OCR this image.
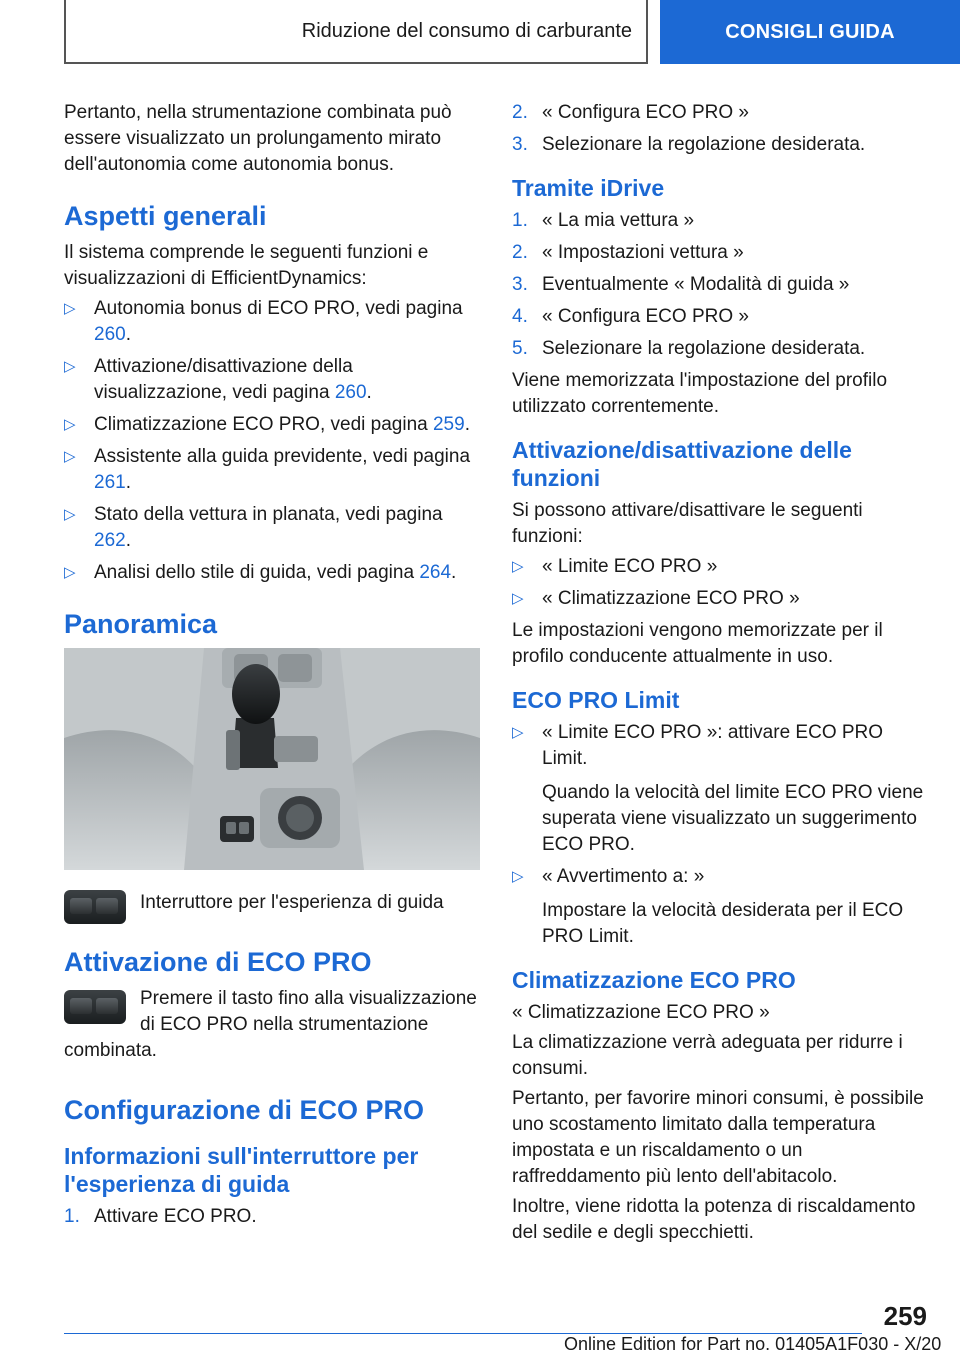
Riduzione del consumo di carburante	CONSIGLI GUIDA

Pertanto, nella strumentazione combinata può essere visualizzato un prolungamento mirato dell'autonomia come autonomia bonus.

Aspetti generali

Il sistema comprende le seguenti funzioni e visualizzazioni di EfficientDynamics:

▷ Autonomia bonus di ECO PRO, vedi pagina 260.
▷ Attivazione/disattivazione della visualizzazione, vedi pagina 260.
▷ Climatizzazione ECO PRO, vedi pagina 259.
▷ Assistente alla guida previdente, vedi pagina 261.
▷ Stato della vettura in planata, vedi pagina 262.
▷ Analisi dello stile di guida, vedi pagina 264.
Panoramica

Interruttore per l'esperienza di guida

Attivazione di ECO PRO

Premere il tasto fino alla visualizzazione di ECO PRO nella strumentazione combinata.

Configurazione di ECO PRO
Informazioni sull'interruttore per l'esperienza di guida
1. Attivare ECO PRO.
2. « Configura ECO PRO »
3. Selezionare la regolazione desiderata.
Tramite iDrive
1. « La mia vettura »
2. « Impostazioni vettura »
3. Eventualmente « Modalità di guida »
4. « Configura ECO PRO »
5. Selezionare la regolazione desiderata.

Viene memorizzata l'impostazione del profilo utilizzato correntemente.

Attivazione/disattivazione delle funzioni

Si possono attivare/disattivare le seguenti funzioni:

▷ « Limite ECO PRO »
▷ « Climatizzazione ECO PRO »

Le impostazioni vengono memorizzate per il profilo conducente attualmente in uso.

ECO PRO Limit
▷ « Limite ECO PRO »: attivare ECO PRO Limit.
Quando la velocità del limite ECO PRO viene superata viene visualizzato un suggerimento ECO PRO.
▷ « Avvertimento a: »
Impostare la velocità desiderata per il ECO PRO Limit.
Climatizzazione ECO PRO

« Climatizzazione ECO PRO »

La climatizzazione verrà adeguata per ridurre i consumi.

Pertanto, per favorire minori consumi, è possibile uno scostamento limitato dalla temperatura impostata e un riscaldamento o un raffreddamento più lento dell'abitacolo.

Inoltre, viene ridotta la potenza di riscaldamento del sedile e degli specchietti.

259
Online Edition for Part no. 01405A1F030 - X/20
